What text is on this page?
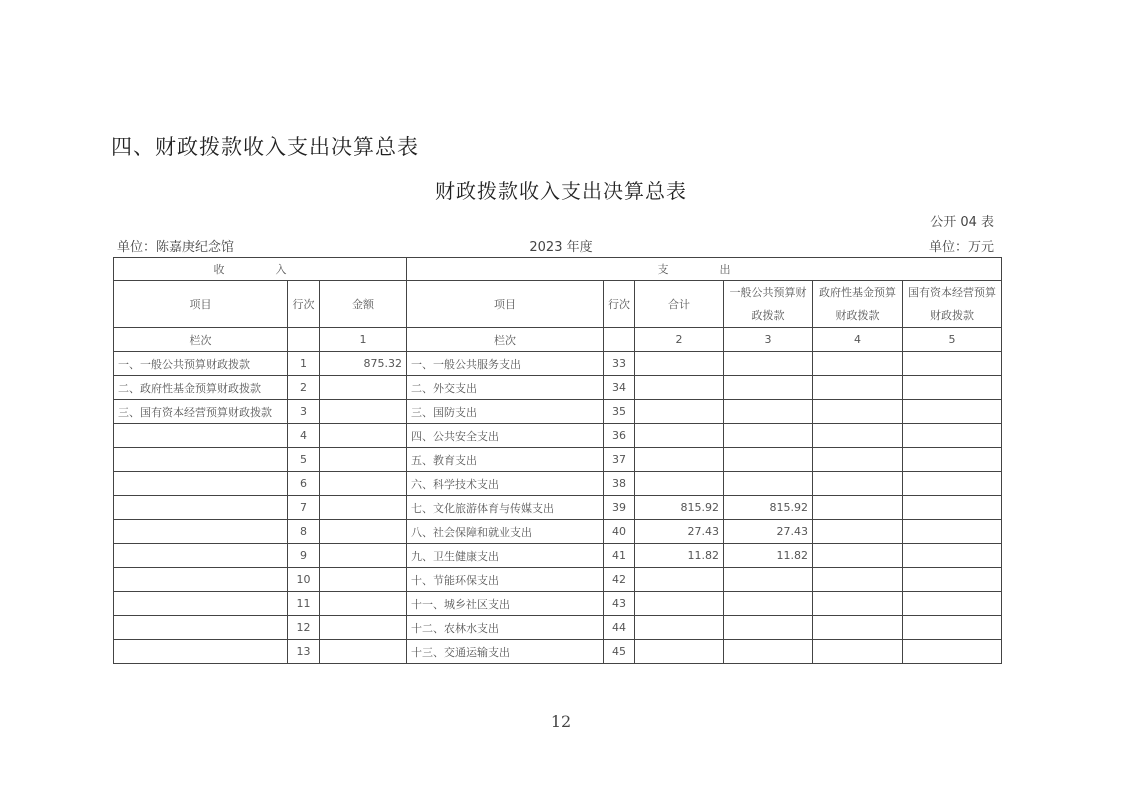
四、财政拨款收入支出决算总表
财政拨款收入支出决算总表
公开 04 表
单位：陈嘉庚纪念馆	2023 年度	单位：万元
收　入			支　出					
项目	行次	金额	项目	行次	合计	一般公共预算财政拨款	政府性基金预算财政拨款	国有资本经营预算财政拨款
栏次		1	栏次		2	3	4	5
一、一般公共预算财政拨款	1	875.32	一、一般公共服务支出	33				
二、政府性基金预算财政拨款	2		二、外交支出	34				
三、国有资本经营预算财政拨款	3		三、国防支出	35				
	4		四、公共安全支出	36				
	5		五、教育支出	37				
	6		六、科学技术支出	38				
	7		七、文化旅游体育与传媒支出	39	815.92	815.92		
	8		八、社会保障和就业支出	40	27.43	27.43		
	9		九、卫生健康支出	41	11.82	11.82		
	10		十、节能环保支出	42				
	11		十一、城乡社区支出	43				
	12		十二、农林水支出	44				
	13		十三、交通运输支出	45				
12
